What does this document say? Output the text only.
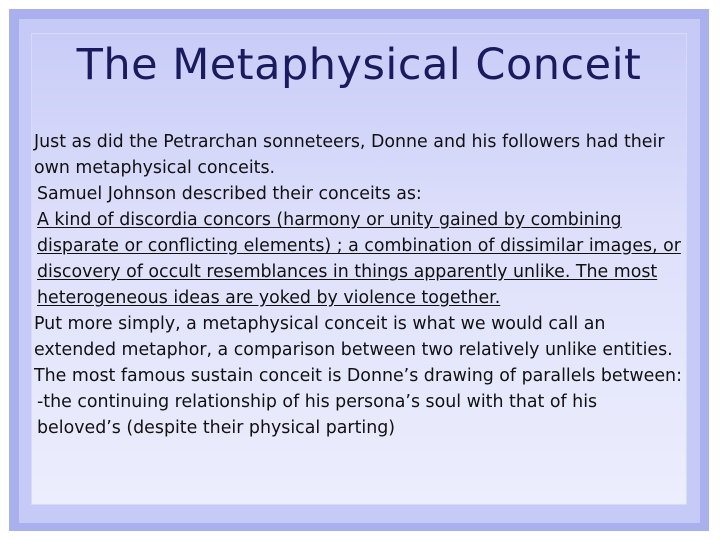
The Metaphysical Conceit

Just as did the Petrarchan sonneteers, Donne and his followers had their own metaphysical conceits.

Samuel Johnson described their conceits as:

A kind of discordia concors (harmony or unity gained by combining disparate or conflicting elements) ; a combination of dissimilar images, or discovery of occult resemblances in things apparently unlike. The most heterogeneous ideas are yoked by violence together.

Put more simply, a metaphysical conceit is what we would call an extended metaphor, a comparison between two relatively unlike entities.

The most famous sustain conceit is Donne’s drawing of parallels between:

-the continuing relationship of his persona’s soul with that of his beloved’s (despite their physical parting)
